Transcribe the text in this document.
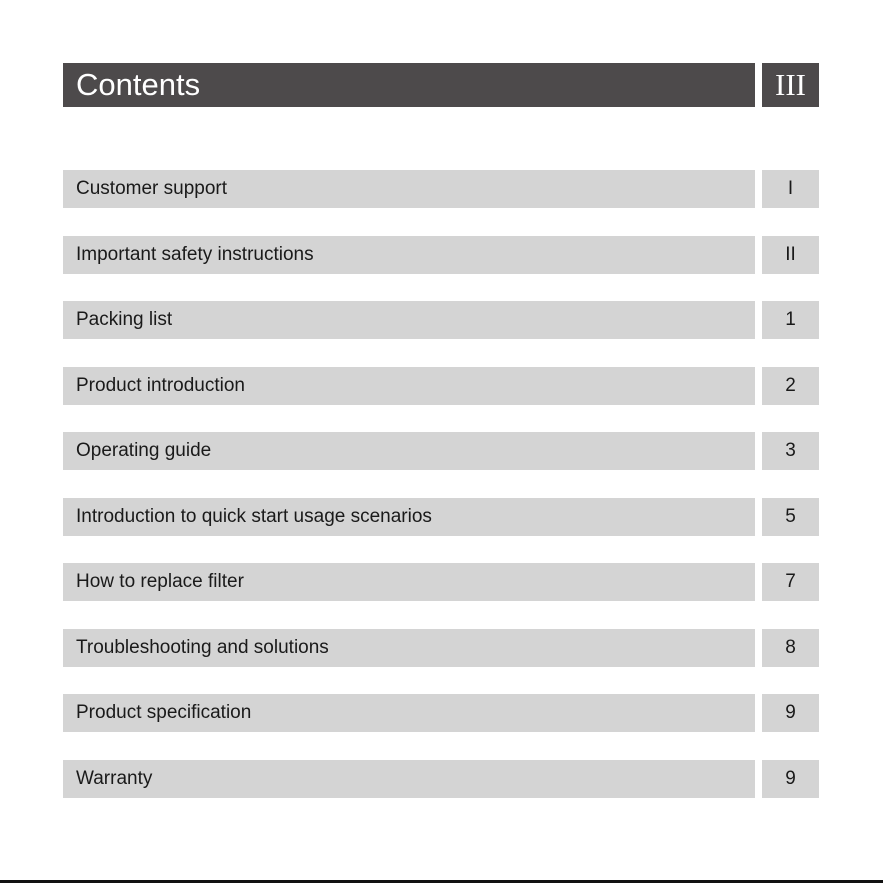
Contents	III
Customer support	I
Important safety instructions	II
Packing list	1
Product introduction	2
Operating guide	3
Introduction to quick start usage scenarios	5
How to replace filter	7
Troubleshooting and solutions	8
Product specification	9
Warranty	9
